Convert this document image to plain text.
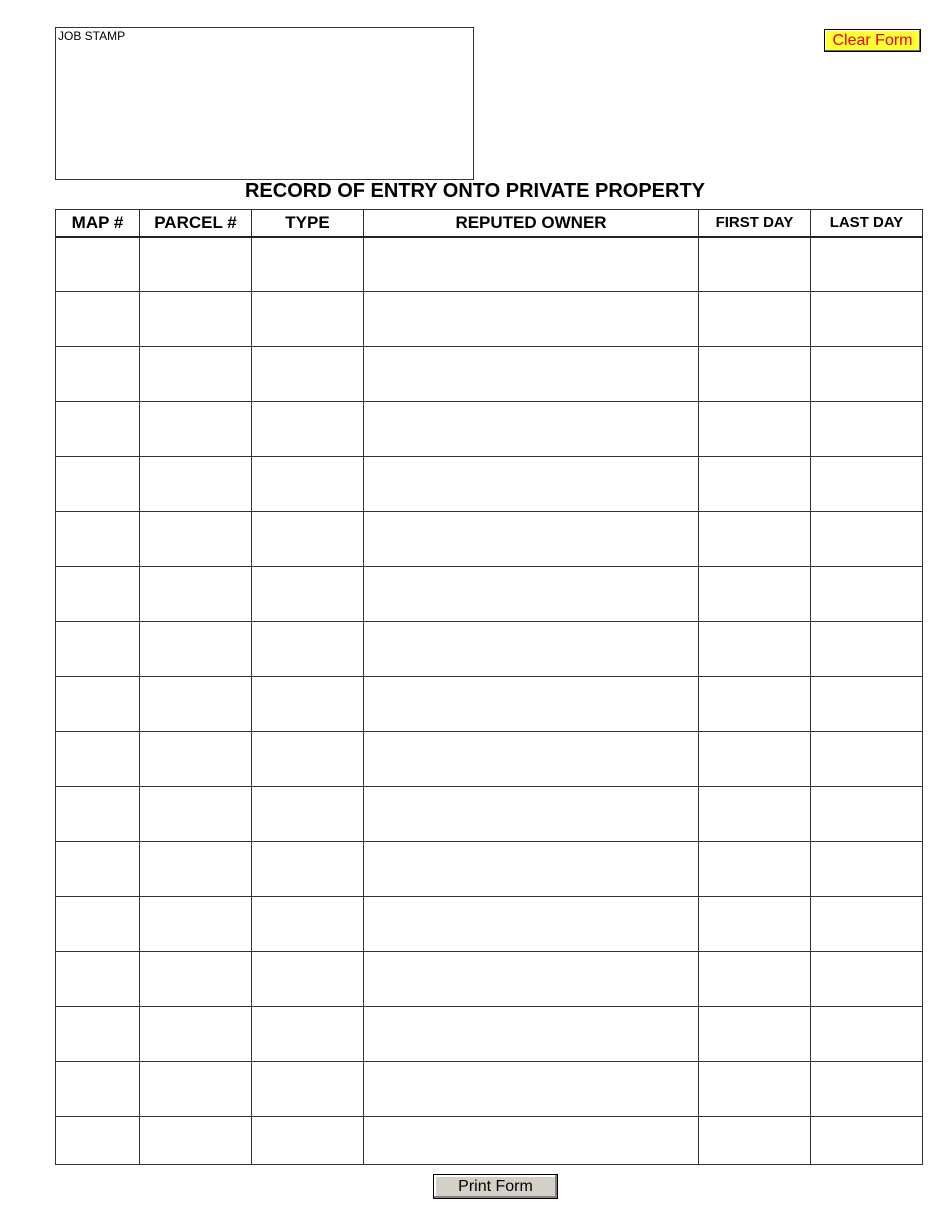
JOB STAMP	Clear Form
RECORD OF ENTRY ONTO PRIVATE PROPERTY
MAP #	PARCEL #	TYPE	REPUTED OWNER	FIRST DAY	LAST DAY

Print Form
